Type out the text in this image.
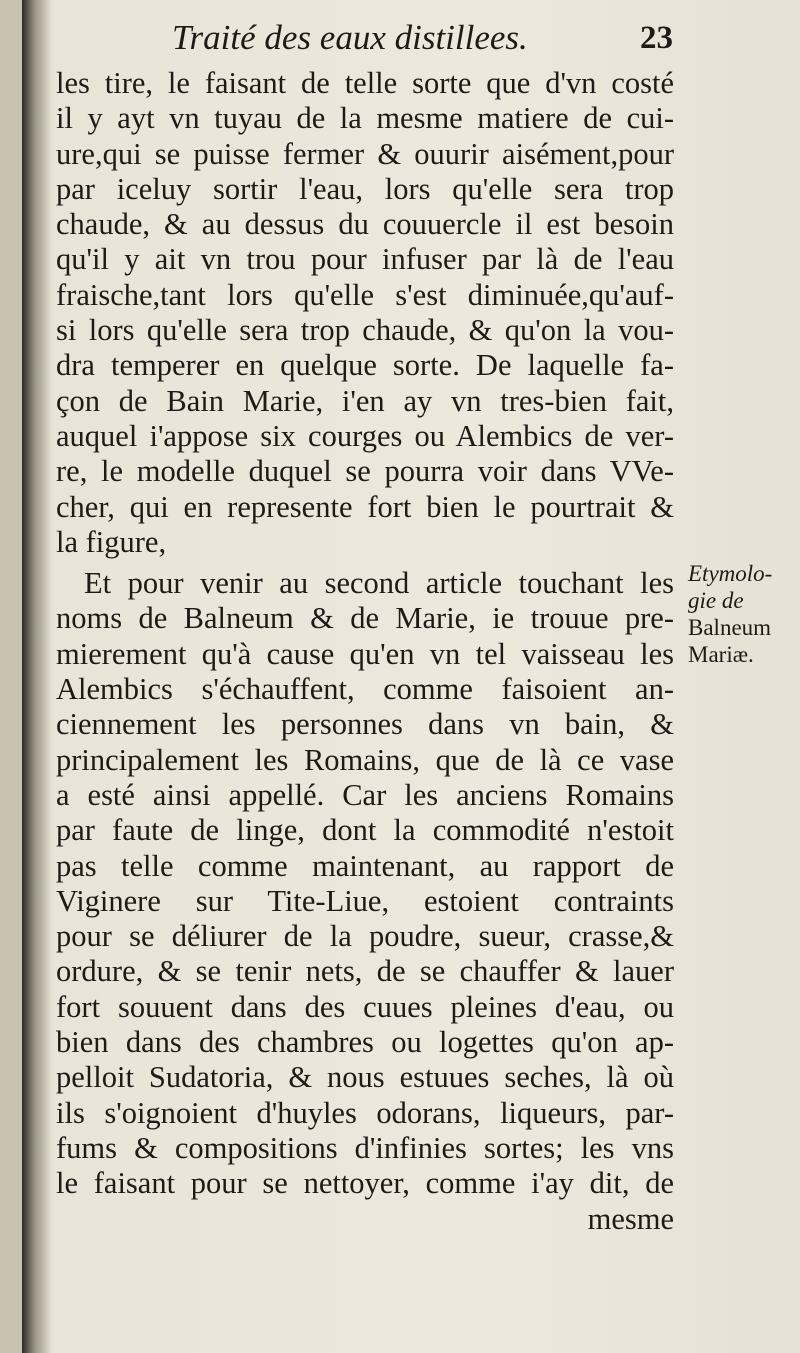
Traité des eaux distillees.	23
les tire, le faisant de telle sorte que d'vn costé
il y ayt vn tuyau de la mesme matiere de cui-
ure,qui se puisse fermer & ouurir aisément,pour
par iceluy sortir l'eau, lors qu'elle sera trop
chaude, & au dessus du couuercle il est besoin
qu'il y ait vn trou pour infuser par là de l'eau
fraische,tant lors qu'elle s'est diminuée,qu'auf-
si lors qu'elle sera trop chaude, & qu'on la vou-
dra temperer en quelque sorte. De laquelle fa-
çon de Bain Marie, i'en ay vn tres-bien fait,
auquel i'appose six courges ou Alembics de ver-
re, le modelle duquel se pourra voir dans VVe-
cher, qui en represente fort bien le pourtrait &
la figure,
Et pour venir au second article touchant les
noms de Balneum & de Marie, ie trouue pre-
mierement qu'à cause qu'en vn tel vaisseau les
Alembics s'échauffent, comme faisoient an-
ciennement les personnes dans vn bain, &
principalement les Romains, que de là ce vase
a esté ainsi appellé. Car les anciens Romains
par faute de linge, dont la commodité n'estoit
pas telle comme maintenant, au rapport de
Viginere sur Tite-Liue, estoient contraints
pour se déliurer de la poudre, sueur, crasse,&
ordure, & se tenir nets, de se chauffer & lauer
fort souuent dans des cuues pleines d'eau, ou
bien dans des chambres ou logettes qu'on ap-
pelloit Sudatoria, & nous estuues seches, là où
ils s'oignoient d'huyles odorans, liqueurs, par-
fums & compositions d'infinies sortes; les vns
le faisant pour se nettoyer, comme i'ay dit, de
mesme
Etymolo-
gie de
Balneum
Mariæ.
